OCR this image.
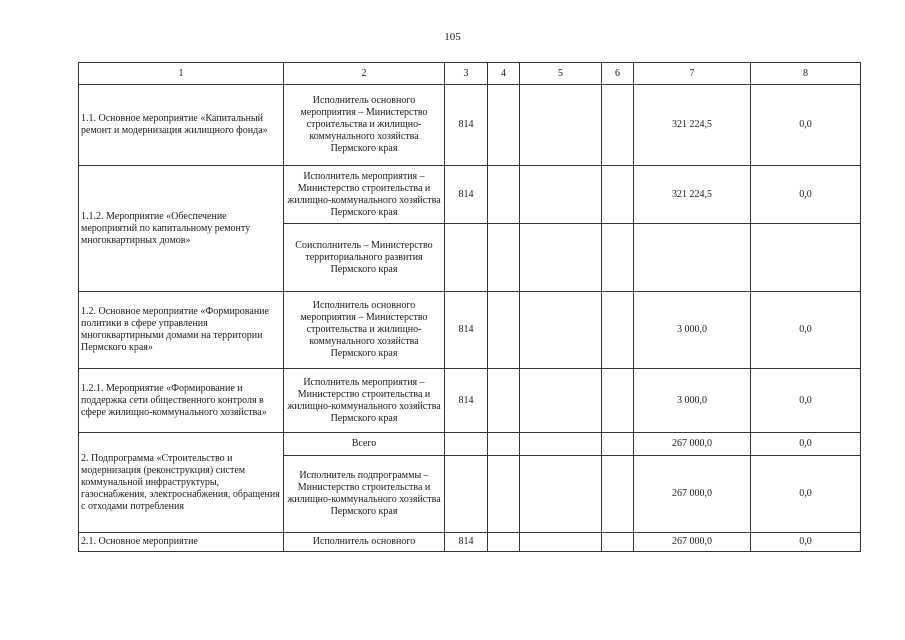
105
1	2	3	4	5	6	7	8
1.1. Основное мероприятие «Капитальный ремонт и модернизация жилищного фонда»	Исполнитель основного мероприятия – Министерство строительства и жилищно-коммунального хозяйства Пермского края	814				321 224,5	0,0
1.1.2. Мероприятие «Обеспечение мероприятий по капитальному ремонту многоквартирных домов»	Исполнитель мероприятия – Министерство строительства и жилищно-коммунального хозяйства Пермского края	814				321 224,5	0,0
	Соисполнитель – Министерство территориального развития Пермского края						
1.2. Основное мероприятие «Формирование политики в сфере управления многоквартирными домами на территории Пермского края»	Исполнитель основного мероприятия – Министерство строительства и жилищно-коммунального хозяйства Пермского края	814				3 000,0	0,0
1.2.1. Мероприятие «Формирование и поддержка сети общественного контроля в сфере жилищно-коммунального хозяйства»	Исполнитель мероприятия – Министерство строительства и жилищно-коммунального хозяйства Пермского края	814				3 000,0	0,0
2. Подпрограмма «Строительство и модернизация (реконструкция) систем коммунальной инфраструктуры, газоснабжения, электроснабжения, обращения с отходами потребления	Всего					267 000,0	0,0
	Исполнитель подпрограммы – Министерство строительства и жилищно-коммунального хозяйства Пермского края					267 000,0	0,0
2.1. Основное мероприятие	Исполнитель основного	814				267 000,0	0,0
